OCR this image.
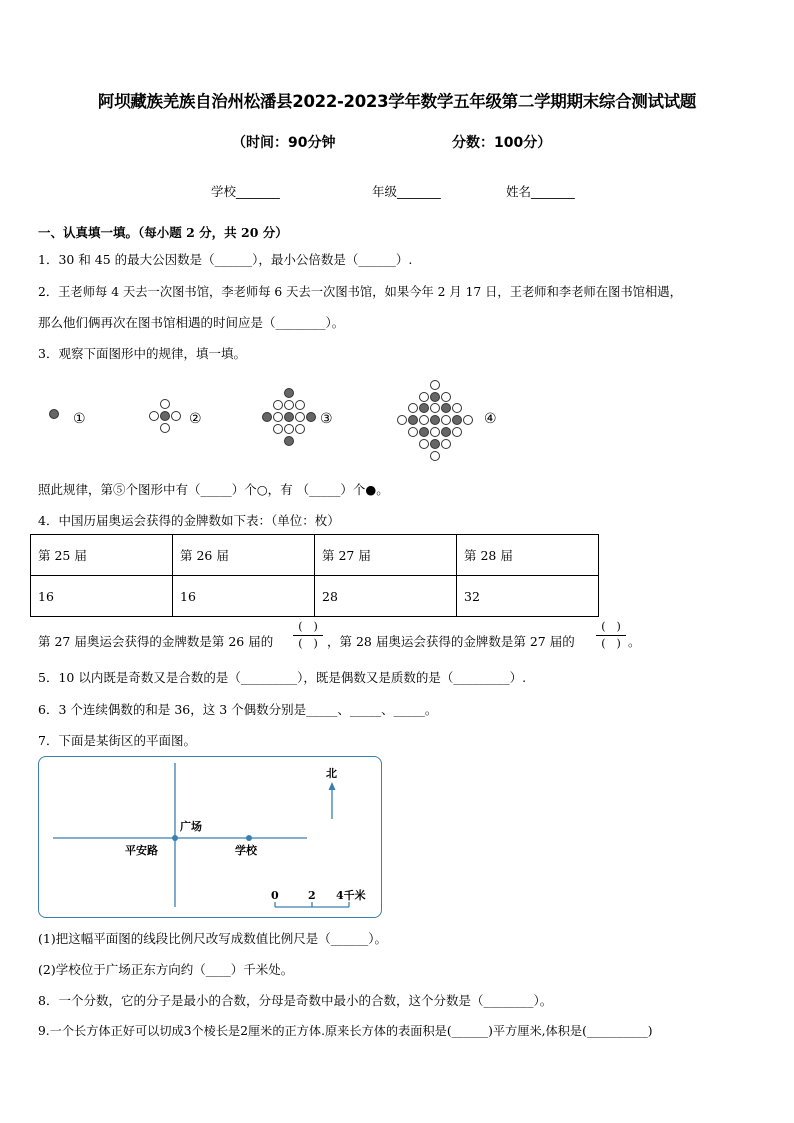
阿坝藏族羌族自治州松潘县2022-2023学年数学五年级第二学期期末综合测试试题
（时间：90分钟	分数：100分）
学校_______	年级_______	姓名_______
一、认真填一填。（每小题 2 分，共 20 分）
1．30 和 45 的最大公因数是（______），最小公倍数是（______）.
2．王老师每 4 天去一次图书馆，李老师每 6 天去一次图书馆，如果今年 2 月 17 日，王老师和李老师在图书馆相遇，
那么他们俩再次在图书馆相遇的时间应是（________）。
3．观察下面图形中的规律，填一填。
①	②	③	④
照此规律，第⑤个图形中有（_____）个○，有 （_____）个●。
4．中国历届奥运会获得的金牌数如下表：（单位：枚）
第 25 届	第 26 届	第 27 届	第 28 届
16	16	28	32
第 27 届奥运会获得的金牌数是第 26 届的
(　)
(　) ，第 28 届奥运会获得的金牌数是第 27 届的
(　)
(　) 。
5．10 以内既是奇数又是合数的是（_________），既是偶数又是质数的是（_________）.
6．3 个连续偶数的和是 36，这 3 个偶数分别是_____、_____、_____。
7．下面是某街区的平面图。
北
广场
平安路	学校
0	2 4千米
(1)把这幅平面图的线段比例尺改写成数值比例尺是（______）。
(2)学校位于广场正东方向约（____）千米处。
8．一个分数，它的分子是最小的合数，分母是奇数中最小的合数，这个分数是（________）。
9.一个长方体正好可以切成3个棱长是2厘米的正方体.原来长方体的表面积是(______)平方厘米,体积是(__________)
